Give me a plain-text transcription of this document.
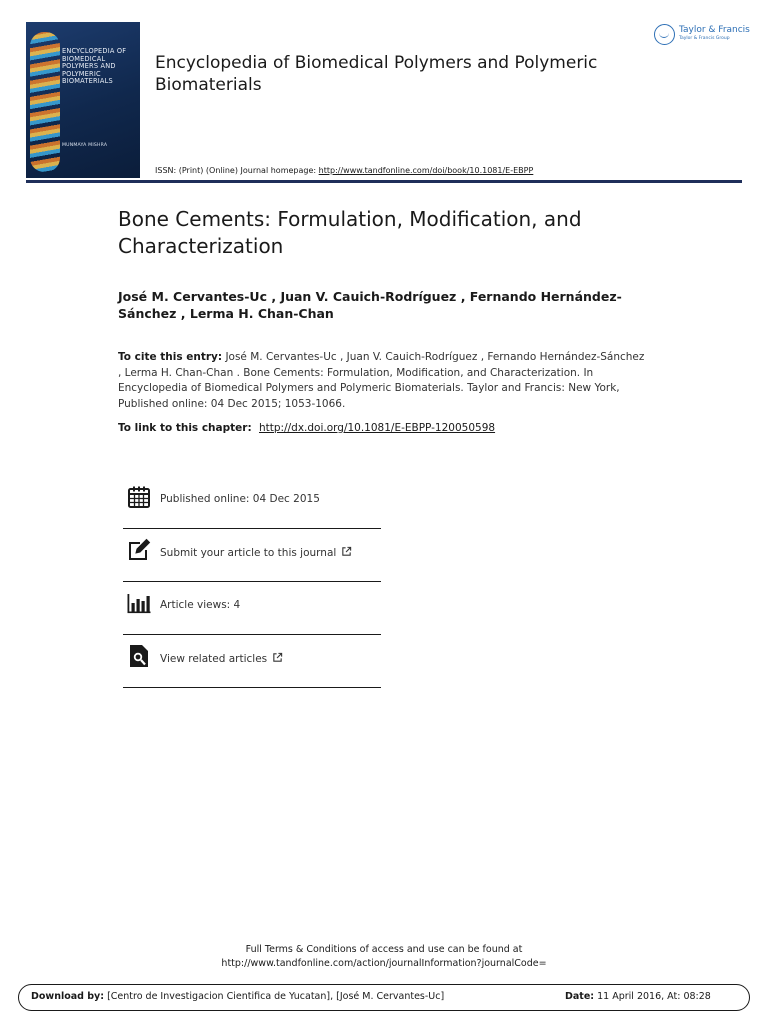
ENCYCLOPEDIA OF
BIOMEDICAL
POLYMERS AND
POLYMERIC
BIOMATERIALS
MUNMAYA MISHRA
Encyclopedia of Biomedical Polymers and Polymeric Biomaterials
Taylor & Francis
Taylor & Francis Group
ISSN: (Print) (Online) Journal homepage: http://www.tandfonline.com/doi/book/10.1081/E-EBPP
Bone Cements: Formulation, Modification, and Characterization
José M. Cervantes-Uc , Juan V. Cauich-Rodríguez , Fernando Hernández-Sánchez , Lerma H. Chan-Chan
To cite this entry: José M. Cervantes-Uc , Juan V. Cauich-Rodríguez , Fernando Hernández-Sánchez , Lerma H. Chan-Chan . Bone Cements: Formulation, Modification, and Characterization. In Encyclopedia of Biomedical Polymers and Polymeric Biomaterials. Taylor and Francis: New York, Published online: 04 Dec 2015; 1053-1066.
To link to this chapter: http://dx.doi.org/10.1081/E-EBPP-120050598
Published online: 04 Dec 2015
Submit your article to this journal
Article views: 4
View related articles
Full Terms & Conditions of access and use can be found at
http://www.tandfonline.com/action/journalInformation?journalCode=
Download by: [Centro de Investigacion Cientifica de Yucatan], [José M. Cervantes-Uc]	Date: 11 April 2016, At: 08:28
